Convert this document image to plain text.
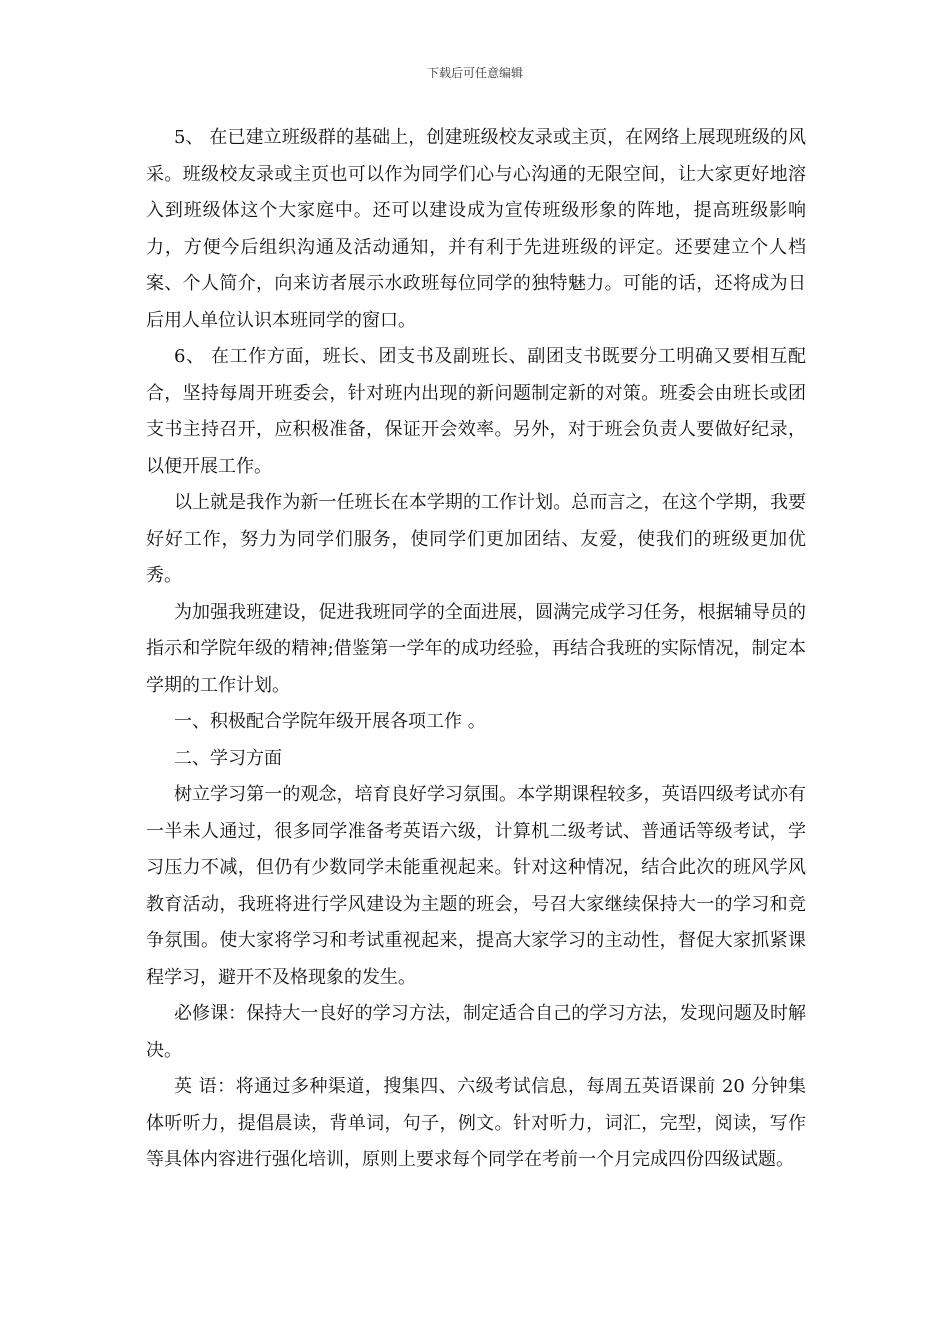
下载后可任意编辑

5、 在已建立班级群的基础上，创建班级校友录或主页，在网络上展现班级的风采。班级校友录或主页也可以作为同学们心与心沟通的无限空间，让大家更好地溶入到班级体这个大家庭中。还可以建设成为宣传班级形象的阵地，提高班级影响力，方便今后组织沟通及活动通知，并有利于先进班级的评定。还要建立个人档案、个人简介，向来访者展示水政班每位同学的独特魅力。可能的话，还将成为日后用人单位认识本班同学的窗口。

6、 在工作方面，班长、团支书及副班长、副团支书既要分工明确又要相互配合，坚持每周开班委会，针对班内出现的新问题制定新的对策。班委会由班长或团支书主持召开，应积极准备，保证开会效率。另外，对于班会负责人要做好纪录，以便开展工作。

以上就是我作为新一任班长在本学期的工作计划。总而言之，在这个学期，我要好好工作，努力为同学们服务，使同学们更加团结、友爱，使我们的班级更加优秀。

为加强我班建设，促进我班同学的全面进展，圆满完成学习任务，根据辅导员的指示和学院年级的精神;借鉴第一学年的成功经验，再结合我班的实际情况，制定本学期的工作计划。

一、积极配合学院年级开展各项工作 。

二、学习方面

树立学习第一的观念，培育良好学习氛围。本学期课程较多，英语四级考试亦有一半未人通过，很多同学准备考英语六级，计算机二级考试、普通话等级考试，学习压力不减，但仍有少数同学未能重视起来。针对这种情况，结合此次的班风学风教育活动，我班将进行学风建设为主题的班会，号召大家继续保持大一的学习和竞争氛围。使大家将学习和考试重视起来，提高大家学习的主动性，督促大家抓紧课程学习，避开不及格现象的发生。

必修课：保持大一良好的学习方法，制定适合自己的学习方法，发现问题及时解决。

英 语：将通过多种渠道，搜集四、六级考试信息，每周五英语课前 20 分钟集体听听力，提倡晨读，背单词，句子，例文。针对听力，词汇，完型，阅读，写作等具体内容进行强化培训，原则上要求每个同学在考前一个月完成四份四级试题。
